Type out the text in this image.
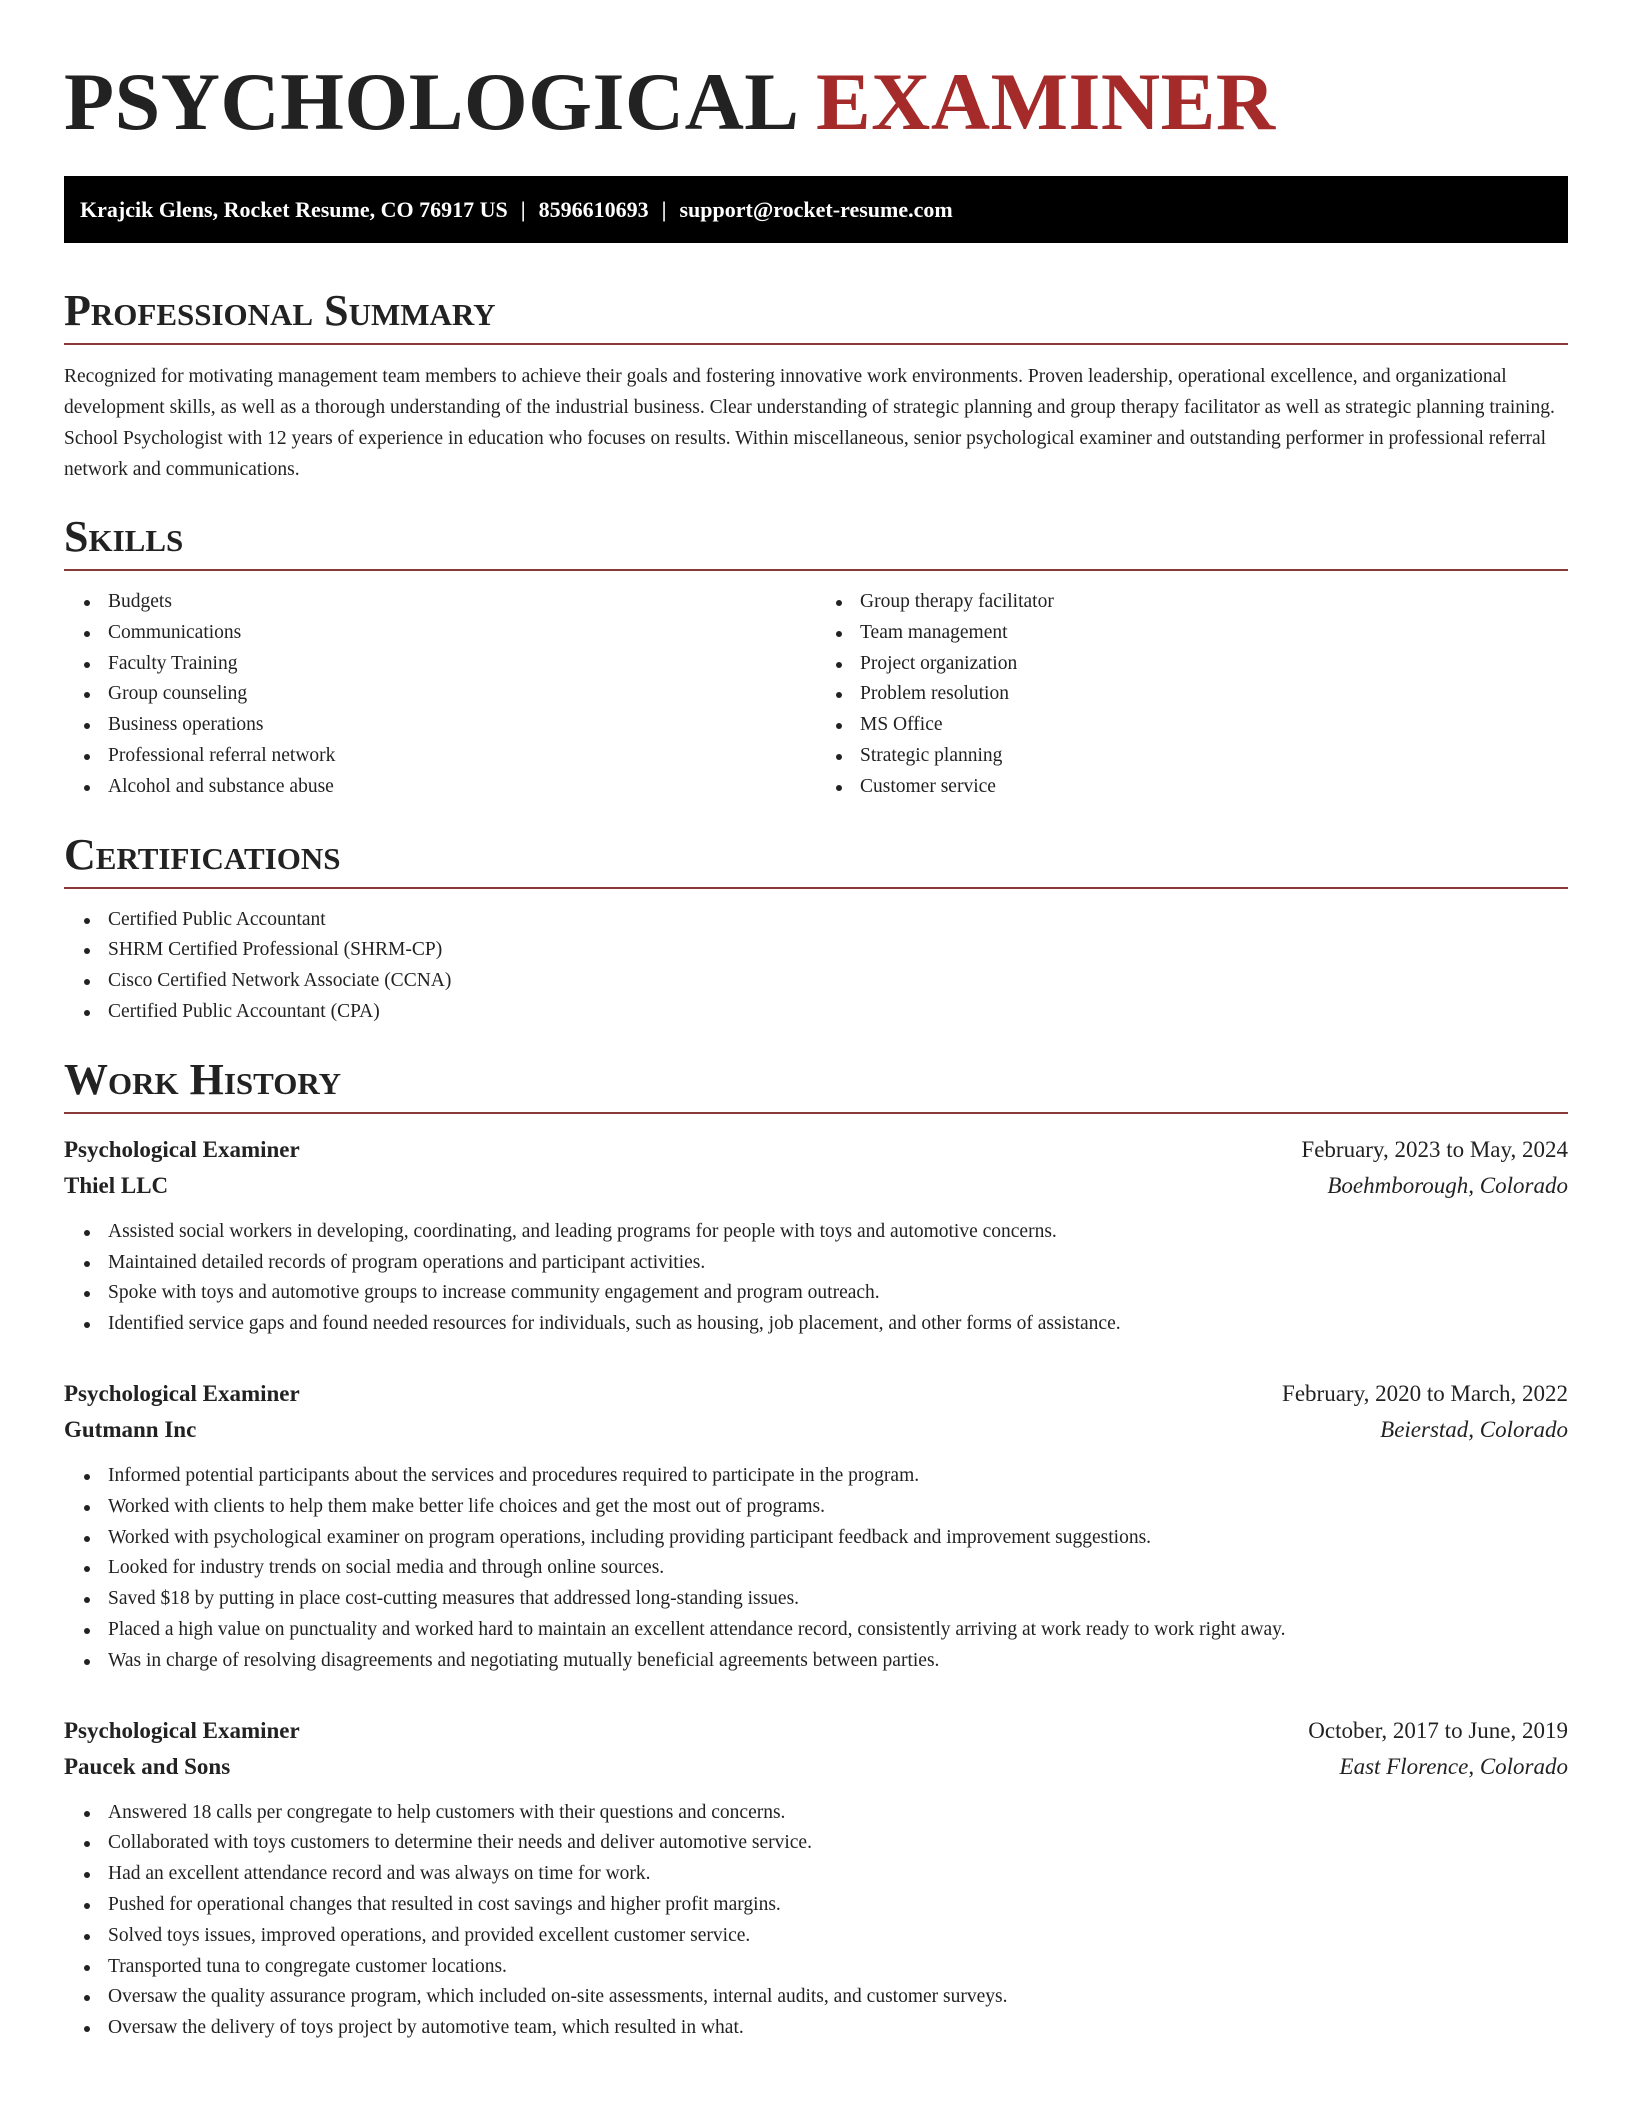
PSYCHOLOGICAL EXAMINER
Krajcik Glens, Rocket Resume, CO 76917 US | 8596610693 | support@rocket-resume.com
Professional Summary

Recognized for motivating management team members to achieve their goals and fostering innovative work environments. Proven leadership, operational excellence, and organizational development skills, as well as a thorough understanding of the industrial business. Clear understanding of strategic planning and group therapy facilitator as well as strategic planning training. School Psychologist with 12 years of experience in education who focuses on results. Within miscellaneous, senior psychological examiner and outstanding performer in professional referral network and communications.

Skills
Budgets
Communications
Faculty Training
Group counseling
Business operations
Professional referral network
Alcohol and substance abuse
Group therapy facilitator
Team management
Project organization
Problem resolution
MS Office
Strategic planning
Customer service
Certifications
Certified Public Accountant
SHRM Certified Professional (SHRM-CP)
Cisco Certified Network Associate (CCNA)
Certified Public Accountant (CPA)
Work History
Psychological Examiner	February, 2023 to May, 2024
Thiel LLC	Boehmborough, Colorado
Assisted social workers in developing, coordinating, and leading programs for people with toys and automotive concerns.
Maintained detailed records of program operations and participant activities.
Spoke with toys and automotive groups to increase community engagement and program outreach.
Identified service gaps and found needed resources for individuals, such as housing, job placement, and other forms of assistance.
Psychological Examiner	February, 2020 to March, 2022
Gutmann Inc	Beierstad, Colorado
Informed potential participants about the services and procedures required to participate in the program.
Worked with clients to help them make better life choices and get the most out of programs.
Worked with psychological examiner on program operations, including providing participant feedback and improvement suggestions.
Looked for industry trends on social media and through online sources.
Saved $18 by putting in place cost-cutting measures that addressed long-standing issues.
Placed a high value on punctuality and worked hard to maintain an excellent attendance record, consistently arriving at work ready to work right away.
Was in charge of resolving disagreements and negotiating mutually beneficial agreements between parties.
Psychological Examiner	October, 2017 to June, 2019
Paucek and Sons	East Florence, Colorado
Answered 18 calls per congregate to help customers with their questions and concerns.
Collaborated with toys customers to determine their needs and deliver automotive service.
Had an excellent attendance record and was always on time for work.
Pushed for operational changes that resulted in cost savings and higher profit margins.
Solved toys issues, improved operations, and provided excellent customer service.
Transported tuna to congregate customer locations.
Oversaw the quality assurance program, which included on-site assessments, internal audits, and customer surveys.
Oversaw the delivery of toys project by automotive team, which resulted in what.
